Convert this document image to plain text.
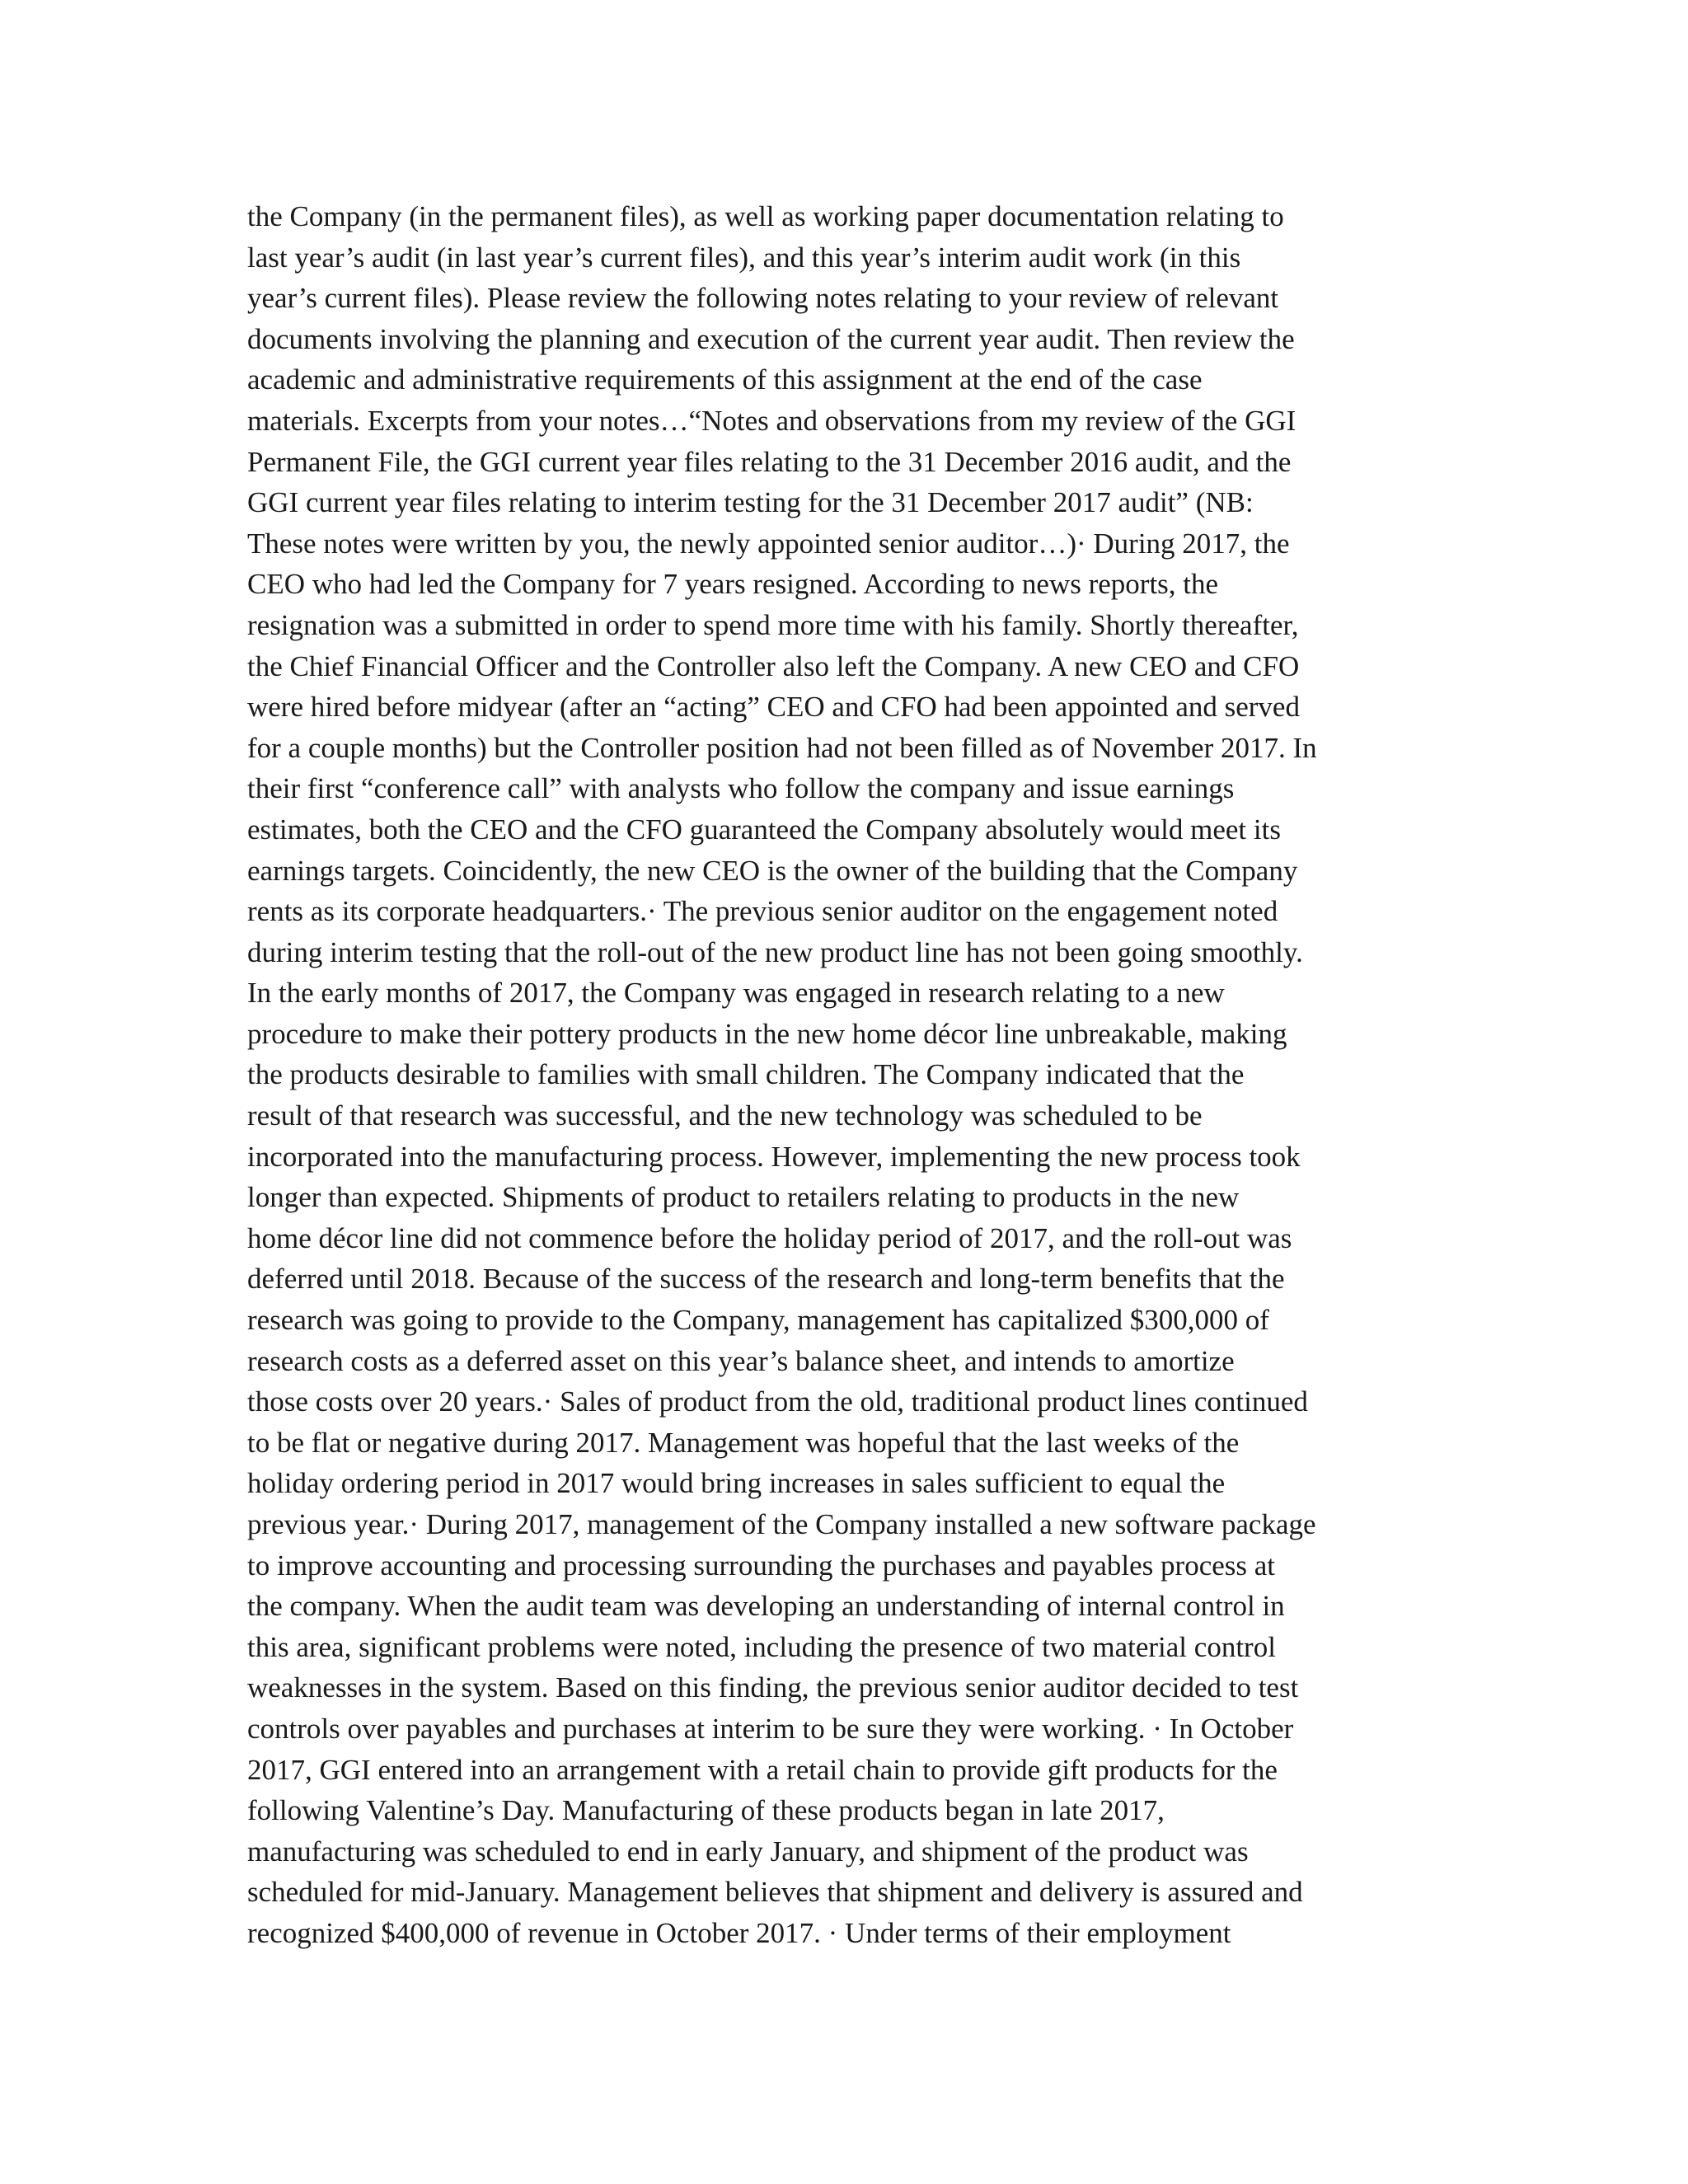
the Company (in the permanent files), as well as working paper documentation relating to
last year’s audit (in last year’s current files), and this year’s interim audit work (in this
year’s current files). Please review the following notes relating to your review of relevant
documents involving the planning and execution of the current year audit. Then review the
academic and administrative requirements of this assignment at the end of the case
materials. Excerpts from your notes…“Notes and observations from my review of the GGI
Permanent File, the GGI current year files relating to the 31 December 2016 audit, and the
GGI current year files relating to interim testing for the 31 December 2017 audit” (NB:
These notes were written by you, the newly appointed senior auditor…)· During 2017, the
CEO who had led the Company for 7 years resigned. According to news reports, the
resignation was a submitted in order to spend more time with his family. Shortly thereafter,
the Chief Financial Officer and the Controller also left the Company. A new CEO and CFO
were hired before midyear (after an “acting” CEO and CFO had been appointed and served
for a couple months) but the Controller position had not been filled as of November 2017. In
their first “conference call” with analysts who follow the company and issue earnings
estimates, both the CEO and the CFO guaranteed the Company absolutely would meet its
earnings targets. Coincidently, the new CEO is the owner of the building that the Company
rents as its corporate headquarters.· The previous senior auditor on the engagement noted
during interim testing that the roll-out of the new product line has not been going smoothly.
In the early months of 2017, the Company was engaged in research relating to a new
procedure to make their pottery products in the new home décor line unbreakable, making
the products desirable to families with small children. The Company indicated that the
result of that research was successful, and the new technology was scheduled to be
incorporated into the manufacturing process. However, implementing the new process took
longer than expected. Shipments of product to retailers relating to products in the new
home décor line did not commence before the holiday period of 2017, and the roll-out was
deferred until 2018. Because of the success of the research and long-term benefits that the
research was going to provide to the Company, management has capitalized $300,000 of
research costs as a deferred asset on this year’s balance sheet, and intends to amortize
those costs over 20 years.· Sales of product from the old, traditional product lines continued
to be flat or negative during 2017. Management was hopeful that the last weeks of the
holiday ordering period in 2017 would bring increases in sales sufficient to equal the
previous year.· During 2017, management of the Company installed a new software package
to improve accounting and processing surrounding the purchases and payables process at
the company. When the audit team was developing an understanding of internal control in
this area, significant problems were noted, including the presence of two material control
weaknesses in the system. Based on this finding, the previous senior auditor decided to test
controls over payables and purchases at interim to be sure they were working. · In October
2017, GGI entered into an arrangement with a retail chain to provide gift products for the
following Valentine’s Day. Manufacturing of these products began in late 2017,
manufacturing was scheduled to end in early January, and shipment of the product was
scheduled for mid-January. Management believes that shipment and delivery is assured and
recognized $400,000 of revenue in October 2017. · Under terms of their employment
